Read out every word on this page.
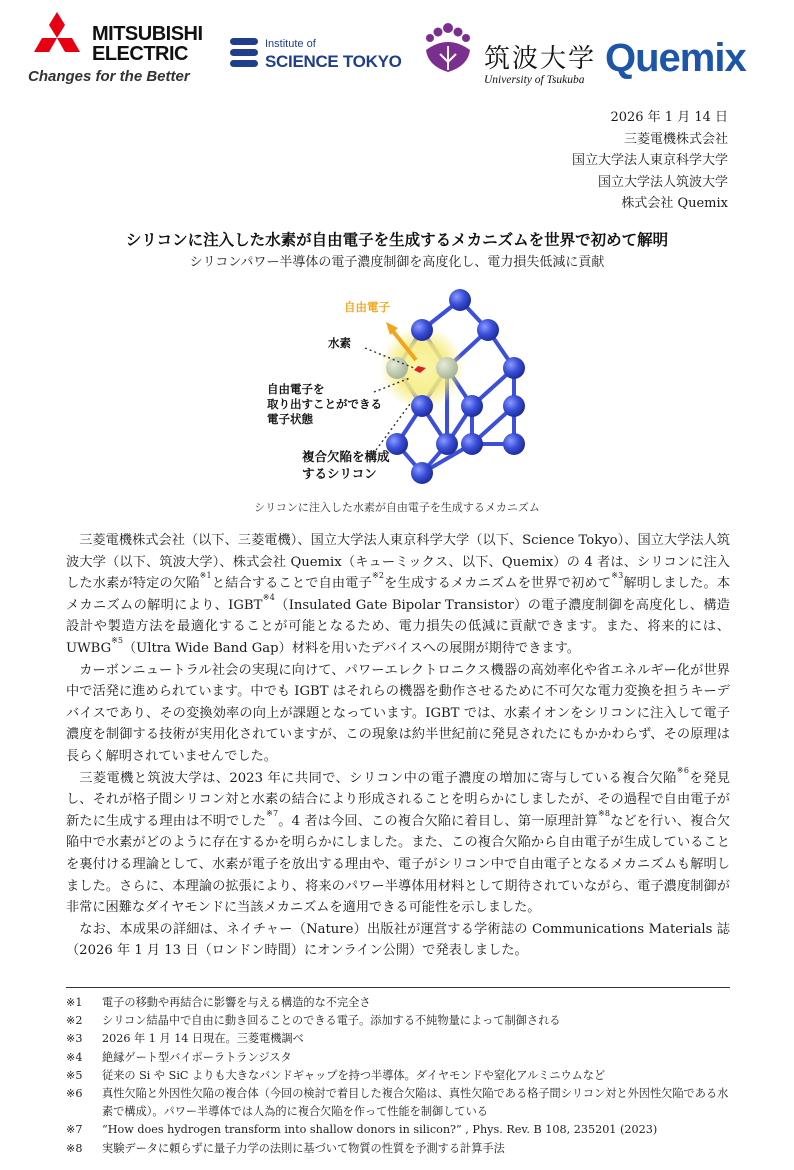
MITSUBISHI
ELECTRIC
Changes for the Better
Institute of
SCIENCE TOKYO	筑波大学
University of Tsukuba Quemix
2026 年 1 月 14 日
三菱電機株式会社
国立大学法人東京科学大学
国立大学法人筑波大学
株式会社 Quemix
シリコンに注入した水素が自由電子を生成するメカニズムを世界で初めて解明
シリコンパワー半導体の電子濃度制御を高度化し、電力損失低減に貢献
自由電子
水素
自由電子を
取り出すことができる
電子状態
複合欠陥を構成
するシリコン
シリコンに注入した水素が自由電子を生成するメカニズム

三菱電機株式会社（以下、三菱電機）、国立大学法人東京科学大学（以下、Science Tokyo）、国立大学法人筑波大学（以下、筑波大学）、株式会社 Quemix（キューミックス、以下、Quemix）の 4 者は、シリコンに注入した水素が特定の欠陥$^{※1}$と結合することで自由電子$^{※2}$を生成するメカニズムを世界で初めて$^{※3}$解明しました。本メカニズムの解明により、IGBT$^{※4}$（Insulated Gate Bipolar Transistor）の電子濃度制御を高度化し、構造設計や製造方法を最適化することが可能となるため、電力損失の低減に貢献できます。また、将来的には、UWBG$^{※5}$（Ultra Wide Band Gap）材料を用いたデバイスへの展開が期待できます。

カーボンニュートラル社会の実現に向けて、パワーエレクトロニクス機器の高効率化や省エネルギー化が世界中で活発に進められています。中でも IGBT はそれらの機器を動作させるために不可欠な電力変換を担うキーデバイスであり、その変換効率の向上が課題となっています。IGBT では、水素イオンをシリコンに注入して電子濃度を制御する技術が実用化されていますが、この現象は約半世紀前に発見されたにもかかわらず、その原理は長らく解明されていませんでした。

三菱電機と筑波大学は、2023 年に共同で、シリコン中の電子濃度の増加に寄与している複合欠陥$^{※6}$を発見し、それが格子間シリコン対と水素の結合により形成されることを明らかにしましたが、その過程で自由電子が新たに生成する理由は不明でした$^{※7}$。4 者は今回、この複合欠陥に着目し、第一原理計算$^{※8}$などを行い、複合欠陥中で水素がどのように存在するかを明らかにしました。また、この複合欠陥から自由電子が生成していることを裏付ける理論として、水素が電子を放出する理由や、電子がシリコン中で自由電子となるメカニズムも解明しました。さらに、本理論の拡張により、将来のパワー半導体用材料として期待されていながら、電子濃度制御が非常に困難なダイヤモンドに当該メカニズムを適用できる可能性を示しました。

なお、本成果の詳細は、ネイチャー（Nature）出版社が運営する学術誌の Communications Materials 誌（2026 年 1 月 13 日（ロンドン時間）にオンライン公開）で発表しました。

※1	電子の移動や再結合に影響を与える構造的な不完全さ
※2	シリコン結晶中で自由に動き回ることのできる電子。添加する不純物量によって制御される
※3	2026 年 1 月 14 日現在。三菱電機調べ
※4	絶縁ゲート型バイポーラトランジスタ
※5	従来の Si や SiC よりも大きなバンドギャップを持つ半導体。ダイヤモンドや窒化アルミニウムなど
※6	真性欠陥と外因性欠陥の複合体（今回の検討で着目した複合欠陥は、真性欠陥である格子間シリコン対と外因性欠陥である水素で構成）。パワー半導体では人為的に複合欠陥を作って性能を制御している
※7	“How does hydrogen transform into shallow donors in silicon?” , Phys. Rev. B 108, 235201 (2023)
※8	実験データに頼らずに量子力学の法則に基づいて物質の性質を予測する計算手法
